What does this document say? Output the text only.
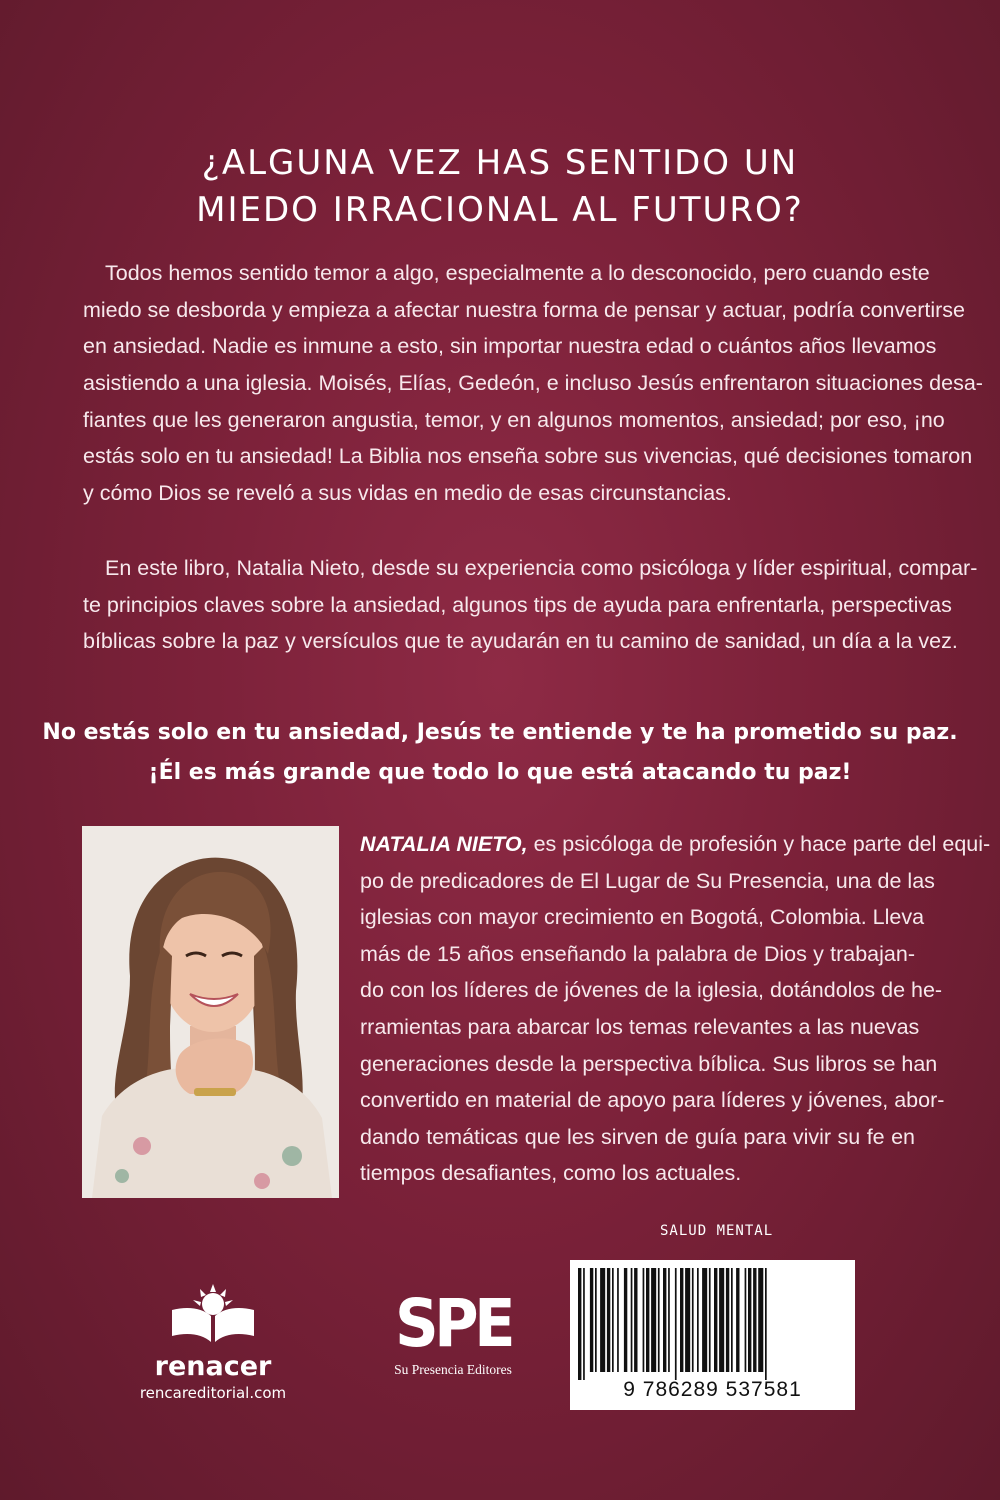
¿ALGUNA VEZ HAS SENTIDO UN
MIEDO IRRACIONAL AL FUTURO?
Todos hemos sentido temor a algo, especialmente a lo desconocido, pero cuando este
miedo se desborda y empieza a afectar nuestra forma de pensar y actuar, podría convertirse
en ansiedad. Nadie es inmune a esto, sin importar nuestra edad o cuántos años llevamos
asistiendo a una iglesia. Moisés, Elías, Gedeón, e incluso Jesús enfrentaron situaciones desa-
fiantes que les generaron angustia, temor, y en algunos momentos, ansiedad; por eso, ¡no
estás solo en tu ansiedad! La Biblia nos enseña sobre sus vivencias, qué decisiones tomaron
y cómo Dios se reveló a sus vidas en medio de esas circunstancias.
En este libro, Natalia Nieto, desde su experiencia como psicóloga y líder espiritual, compar-
te principios claves sobre la ansiedad, algunos tips de ayuda para enfrentarla, perspectivas
bíblicas sobre la paz y versículos que te ayudarán en tu camino de sanidad, un día a la vez.
No estás solo en tu ansiedad, Jesús te entiende y te ha prometido su paz.
¡Él es más grande que todo lo que está atacando tu paz!
NATALIA NIETO, es psicóloga de profesión y hace parte del equi-
po de predicadores de El Lugar de Su Presencia, una de las
iglesias con mayor crecimiento en Bogotá, Colombia. Lleva
más de 15 años enseñando la palabra de Dios y trabajan-
do con los líderes de jóvenes de la iglesia, dotándolos de he-
rramientas para abarcar los temas relevantes a las nuevas
generaciones desde la perspectiva bíblica. Sus libros se han
convertido en material de apoyo para líderes y jóvenes, abor-
dando temáticas que les sirven de guía para vivir su fe en
tiempos desafiantes, como los actuales.
SALUD MENTAL
9 786289 537581
renacer
rencareditorial.com
SPE
Su Presencia Editores
